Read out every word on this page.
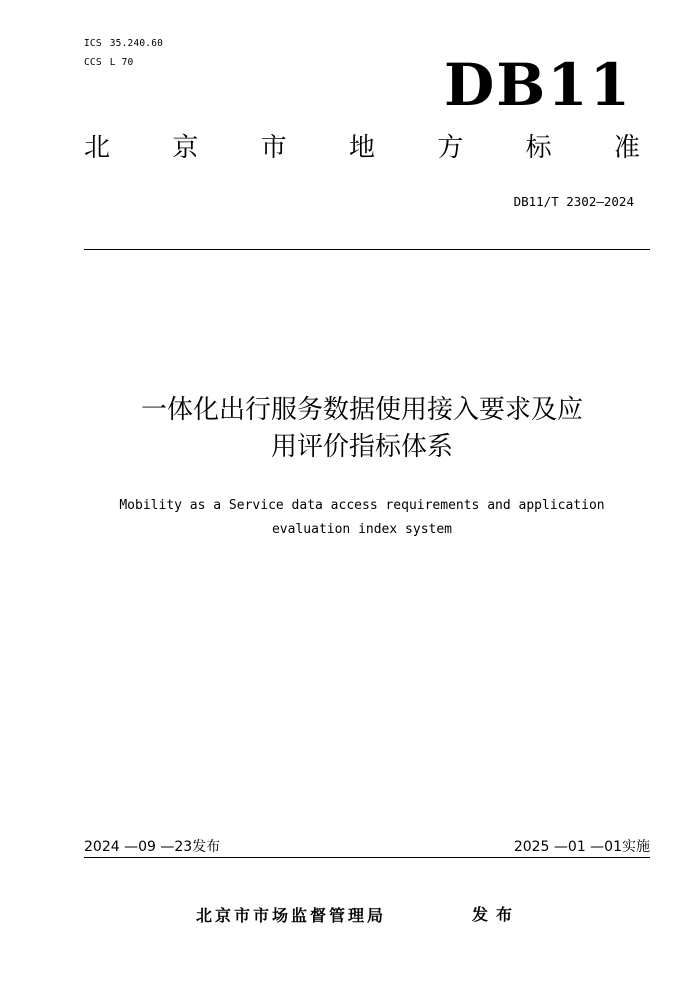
ICS 35.240.60
CCS L 70	DB11
北 京 市 地 方 标 准
DB11/T 2302—2024
一体化出行服务数据使用接入要求及应
用评价指标体系
Mobility as a Service data access requirements and application
evaluation index system
2024 —09 —23发布	2025 —01 —01实施
北京市市场监督管理局	发布
